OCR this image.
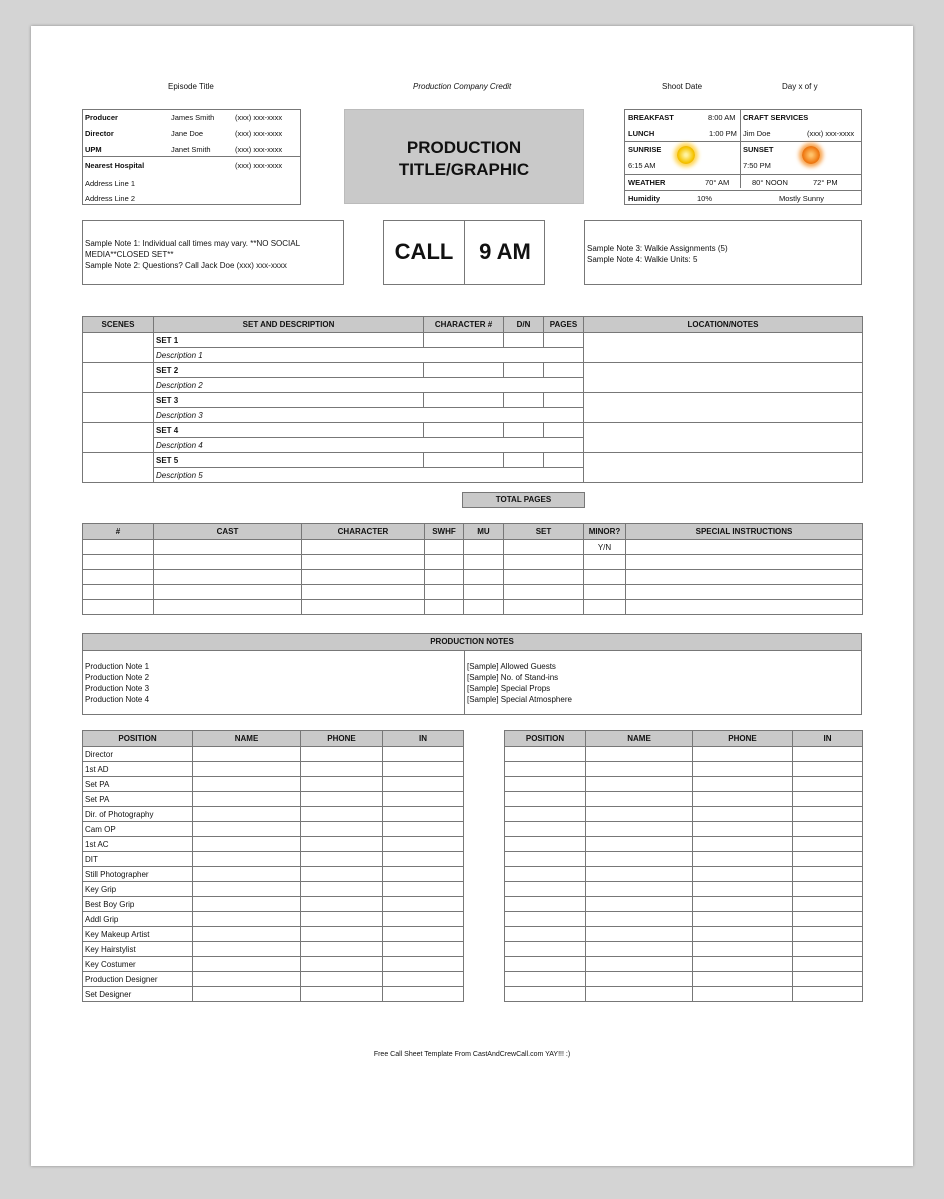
Episode Title	Production Company Credit	Shoot Date	Day x of y
Producer	James Smith	(xxx) xxx-xxxx
Director	Jane Doe	(xxx) xxx-xxxx
UPM	Janet Smith	(xxx) xxx-xxxx
Nearest Hospital	(xxx) xxx-xxxx
Address Line 1
Address Line 2
PRODUCTION
TITLE/GRAPHIC
BREAKFAST	8:00 AM
LUNCH	1:00 PM
CRAFT SERVICES
Jim Doe	(xxx) xxx-xxxx
SUNRISE
6:15 AM
SUNSET
7:50 PM
WEATHER	70° AM	80° NOON	72° PM
Humidity	10%	Mostly Sunny
Sample Note 1: Individual call times may vary. **NO SOCIAL
MEDIA**CLOSED SET**
Sample Note 2: Questions? Call Jack Doe (xxx) xxx-xxxx
CALL	9 AM	Sample Note 3: Walkie Assignments (5)
Sample Note 4: Walkie Units: 5
SCENES	SET AND DESCRIPTION	CHARACTER #	D/N	PAGES	LOCATION/NOTES
	SET 1				
	Description 1				
	SET 2				
	Description 2				
	SET 3				
	Description 3				
	SET 4				
	Description 4				
	SET 5				
	Description 5				
TOTAL PAGES
#	CAST	CHARACTER	SWHF	MU	SET	MINOR?	SPECIAL INSTRUCTIONS
						Y/N	

PRODUCTION NOTES
Production Note 1
Production Note 2
Production Note 3
Production Note 4
[Sample] Allowed Guests
[Sample] No. of Stand-ins
[Sample] Special Props
[Sample] Special Atmosphere
POSITION	NAME	PHONE	IN
Director			
1st AD			
Set PA			
Set PA			
Dir. of Photography			
Cam OP			
1st AC			
DIT			
Still Photographer			
Key Grip			
Best Boy Grip			
Addl Grip			
Key Makeup Artist			
Key Hairstylist			
Key Costumer			
Production Designer			
Set Designer			
POSITION	NAME	PHONE	IN

Free Call Sheet Template From CastAndCrewCall.com YAY!!! :)
